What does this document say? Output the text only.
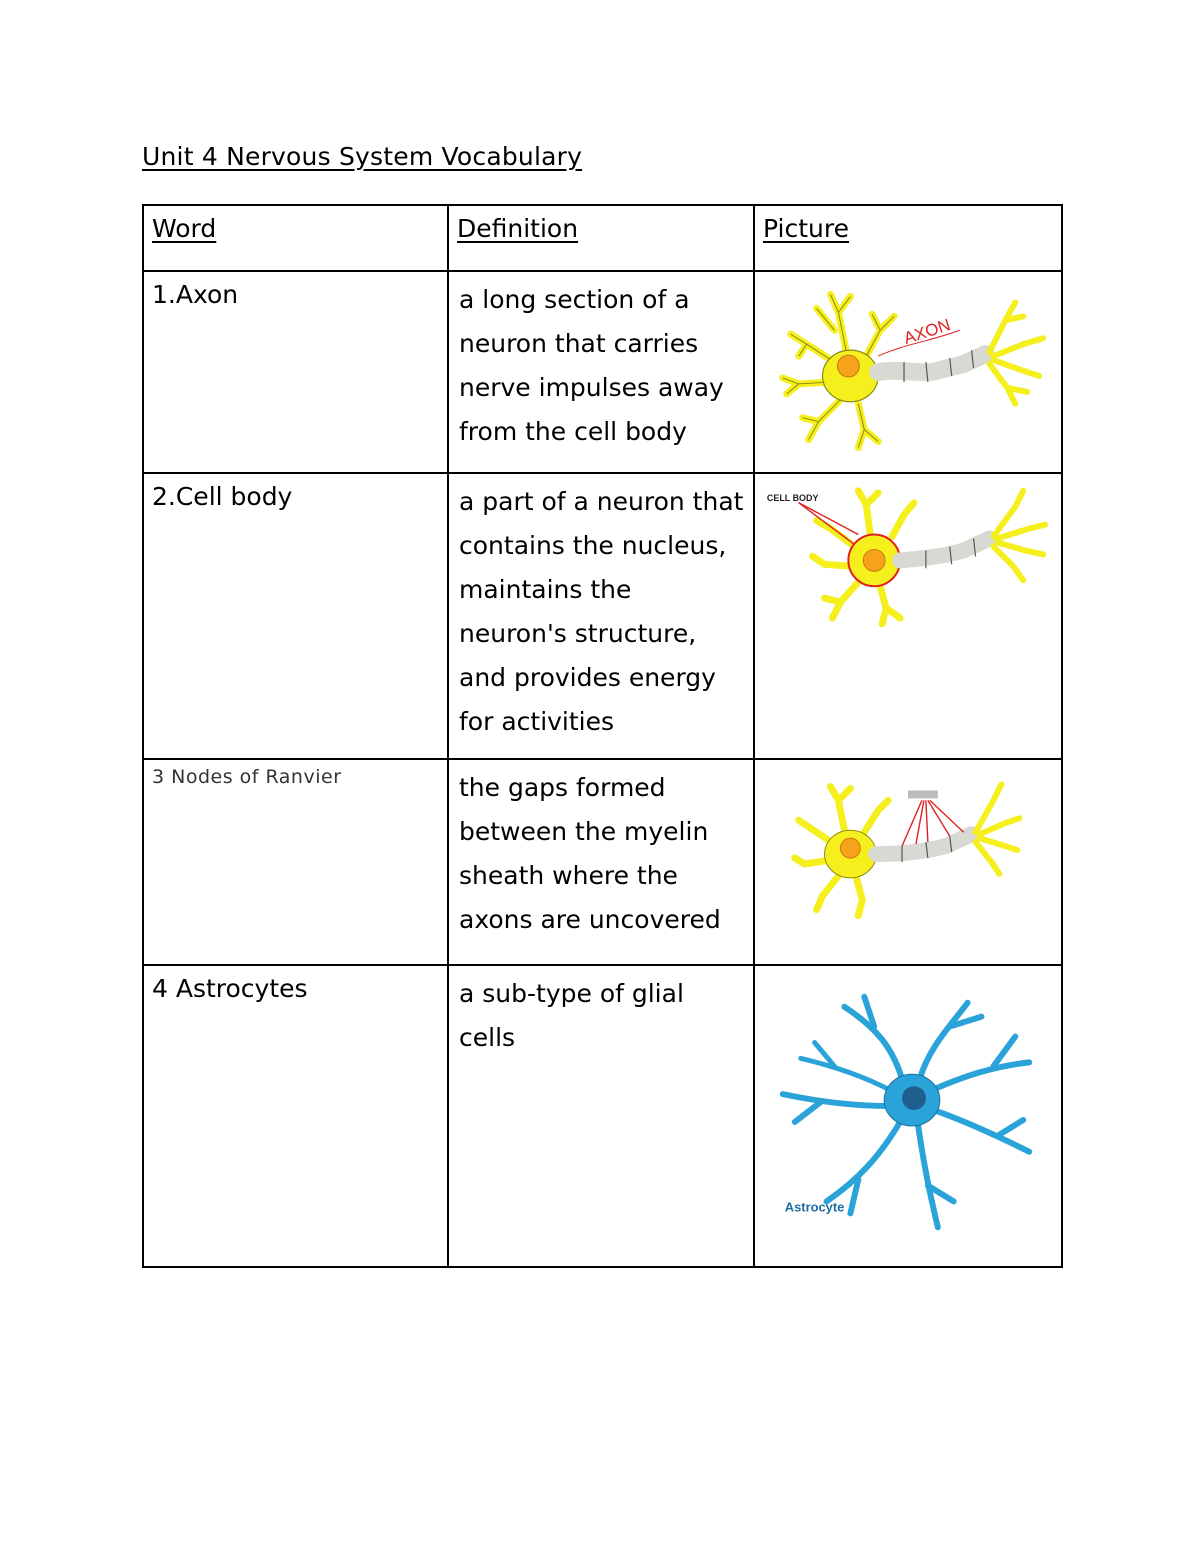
Unit 4 Nervous System Vocabulary
Word	Definition	Picture

1.Axon	a long section of a neuron that carries nerve impulses away from the cell body	AXON

2.Cell body	a part of a neuron that contains the nucleus, maintains the neuron's structure, and provides energy for activities	CELL BODY

3 Nodes of Ranvier	the gaps formed between the myelin sheath where the axons are uncovered

4 Astrocytes	a sub-type of glial cells	Astrocyte
